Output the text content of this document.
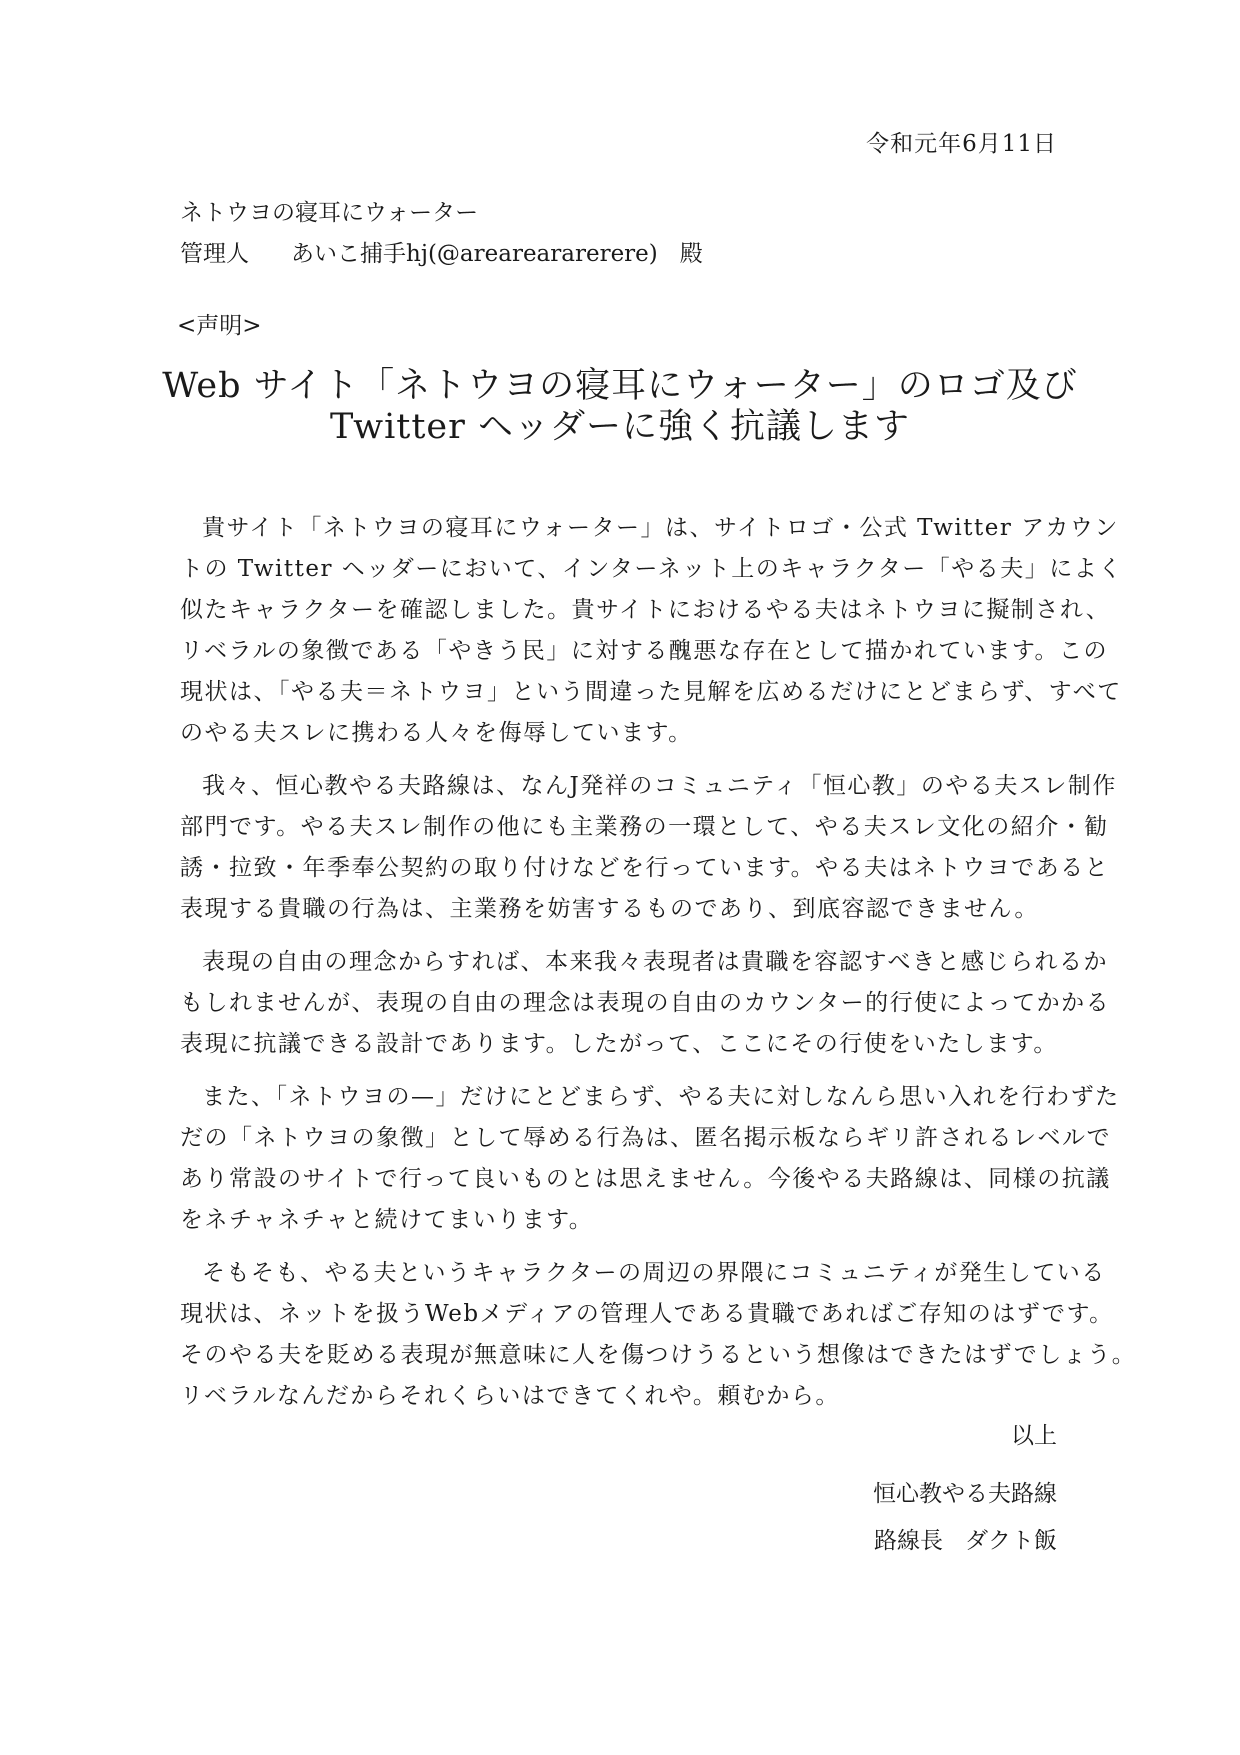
令和元年6月11日
ネトウヨの寝耳にウォーター
管理人 あいこ捕手hj(@areareararerere) 殿
<声明>
Web サイト「ネトウヨの寝耳にウォーター」のロゴ及び
Twitter ヘッダーに強く抗議します
貴サイト「ネトウヨの寝耳にウォーター」は、サイトロゴ・公式 Twitter アカウン
トの Twitter ヘッダーにおいて、インターネット上のキャラクター「やる夫」によく
似たキャラクターを確認しました。貴サイトにおけるやる夫はネトウヨに擬制され、
リベラルの象徴である「やきう民」に対する醜悪な存在として描かれています。この
現状は、「やる夫＝ネトウヨ」という間違った見解を広めるだけにとどまらず、すべて
のやる夫スレに携わる人々を侮辱しています。
我々、恒心教やる夫路線は、なんJ発祥のコミュニティ「恒心教」のやる夫スレ制作
部門です。やる夫スレ制作の他にも主業務の一環として、やる夫スレ文化の紹介・勧
誘・拉致・年季奉公契約の取り付けなどを行っています。やる夫はネトウヨであると
表現する貴職の行為は、主業務を妨害するものであり、到底容認できません。
表現の自由の理念からすれば、本来我々表現者は貴職を容認すべきと感じられるか
もしれませんが、表現の自由の理念は表現の自由のカウンター的行使によってかかる
表現に抗議できる設計であります。したがって、ここにその行使をいたします。
また、「ネトウヨの—」だけにとどまらず、やる夫に対しなんら思い入れを行わずた
だの「ネトウヨの象徴」として辱める行為は、匿名掲示板ならギリ許されるレベルで
あり常設のサイトで行って良いものとは思えません。今後やる夫路線は、同様の抗議
をネチャネチャと続けてまいります。
そもそも、やる夫というキャラクターの周辺の界隈にコミュニティが発生している
現状は、ネットを扱うWebメディアの管理人である貴職であればご存知のはずです。
そのやる夫を貶める表現が無意味に人を傷つけうるという想像はできたはずでしょう。
リベラルなんだからそれくらいはできてくれや。頼むから。
以上
恒心教やる夫路線
路線長 ダクト飯
